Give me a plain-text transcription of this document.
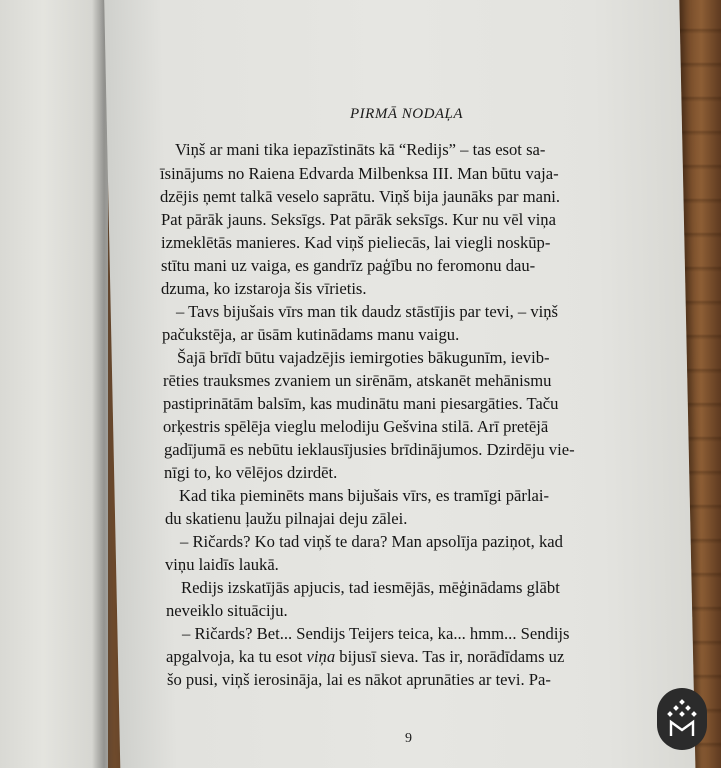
PIRMĀ NODAĻA
Viņš ar mani tika iepazīstināts kā “Redijs” – tas esot sa-
īsinājums no Raiena Edvarda Milbenksa III. Man būtu vaja-
dzējis ņemt talkā veselo saprātu. Viņš bija jaunāks par mani.
Pat pārāk jauns. Seksīgs. Pat pārāk seksīgs. Kur nu vēl viņa
izmeklētās manieres. Kad viņš pieliecās, lai viegli noskūp-
stītu mani uz vaiga, es gandrīz paģību no feromonu dau-
dzuma, ko izstaroja šis vīrietis.
– Tavs bijušais vīrs man tik daudz stāstījis par tevi, – viņš
pačukstēja, ar ūsām kutinādams manu vaigu.
Šajā brīdī būtu vajadzējis iemirgoties bākugunīm, ievib-
rēties trauksmes zvaniem un sirēnām, atskanēt mehānismu
pastiprinātām balsīm, kas mudinātu mani piesargāties. Taču
orķestris spēlēja vieglu melodiju Gešvina stilā. Arī pretējā
gadījumā es nebūtu ieklausījusies brīdinājumos. Dzirdēju vie-
nīgi to, ko vēlējos dzirdēt.
Kad tika pieminēts mans bijušais vīrs, es tramīgi pārlai-
du skatienu ļaužu pilnajai deju zālei.
– Ričards? Ko tad viņš te dara? Man apsolīja paziņot, kad
viņu laidīs laukā.
Redijs izskatījās apjucis, tad iesmējās, mēģinādams glābt
neveiklo situāciju.
– Ričards? Bet... Sendijs Teijers teica, ka... hmm... Sendijs
apgalvoja, ka tu esot viņa bijusī sieva. Tas ir, norādīdams uz
šo pusi, viņš ierosināja, lai es nākot aprunāties ar tevi. Pa-
9
